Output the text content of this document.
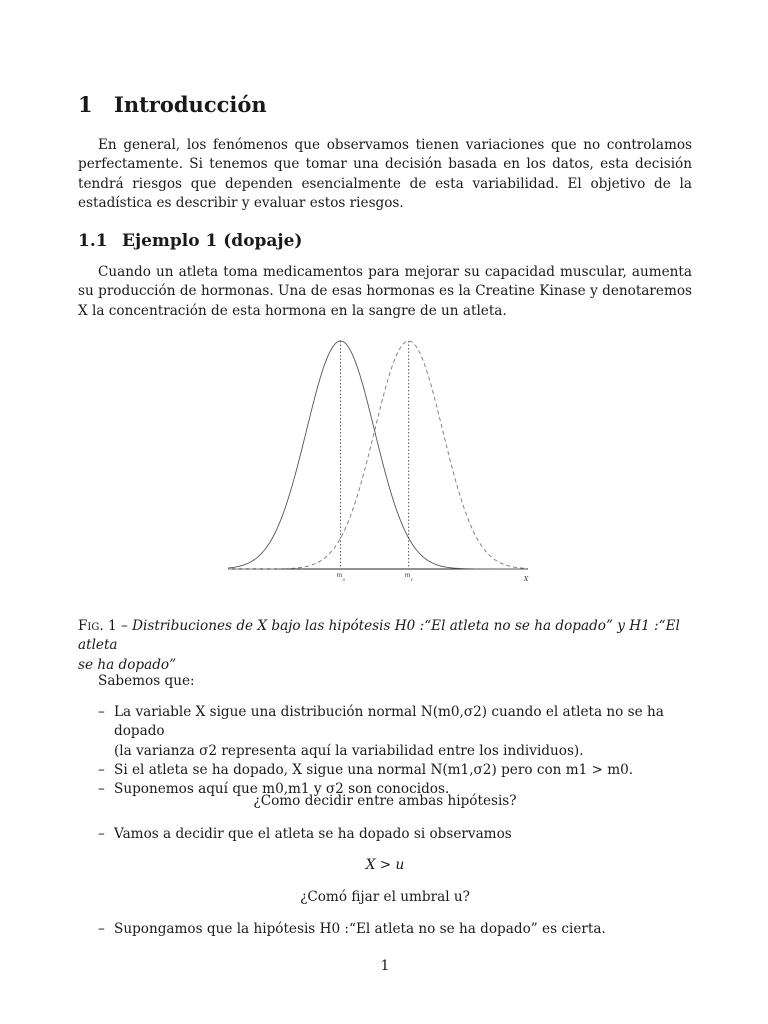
1 Introducción

En general, los fenómenos que observamos tienen variaciones que no controlamos perfectamente. Si tenemos que tomar una decisión basada en los datos, esta decisión tendrá riesgos que dependen esencialmente de esta variabilidad. El objetivo de la estadística es describir y evaluar estos riesgos.

1.1 Ejemplo 1 (dopaje)

Cuando un atleta toma medicamentos para mejorar su capacidad muscular, aumenta su producción de hormonas. Una de esas hormonas es la Creatine Kinase y denotaremos X la concentración de esta hormona en la sangre de un atleta.

m
0
m
1	X

Fig. 1 – Distribuciones de X bajo las hipótesis H0 :“El atleta no se ha dopado” y H1 :“El atleta
se ha dopado”

Sabemos que:

– La variable X sigue una distribución normal N(m0,σ2) cuando el atleta no se ha dopado
(la varianza σ2 representa aquí la variabilidad entre los individuos).
– Si el atleta se ha dopado, X sigue una normal N(m1,σ2) pero con m1 > m0.
– Suponemos aquí que m0,m1 y σ2 son conocidos.

¿Como decidir entre ambas hipótesis?

– Vamos a decidir que el atleta se ha dopado si observamos

X > u

¿Comó fijar el umbral u?

– Supongamos que la hipótesis H0 :“El atleta no se ha dopado” es cierta.
1
